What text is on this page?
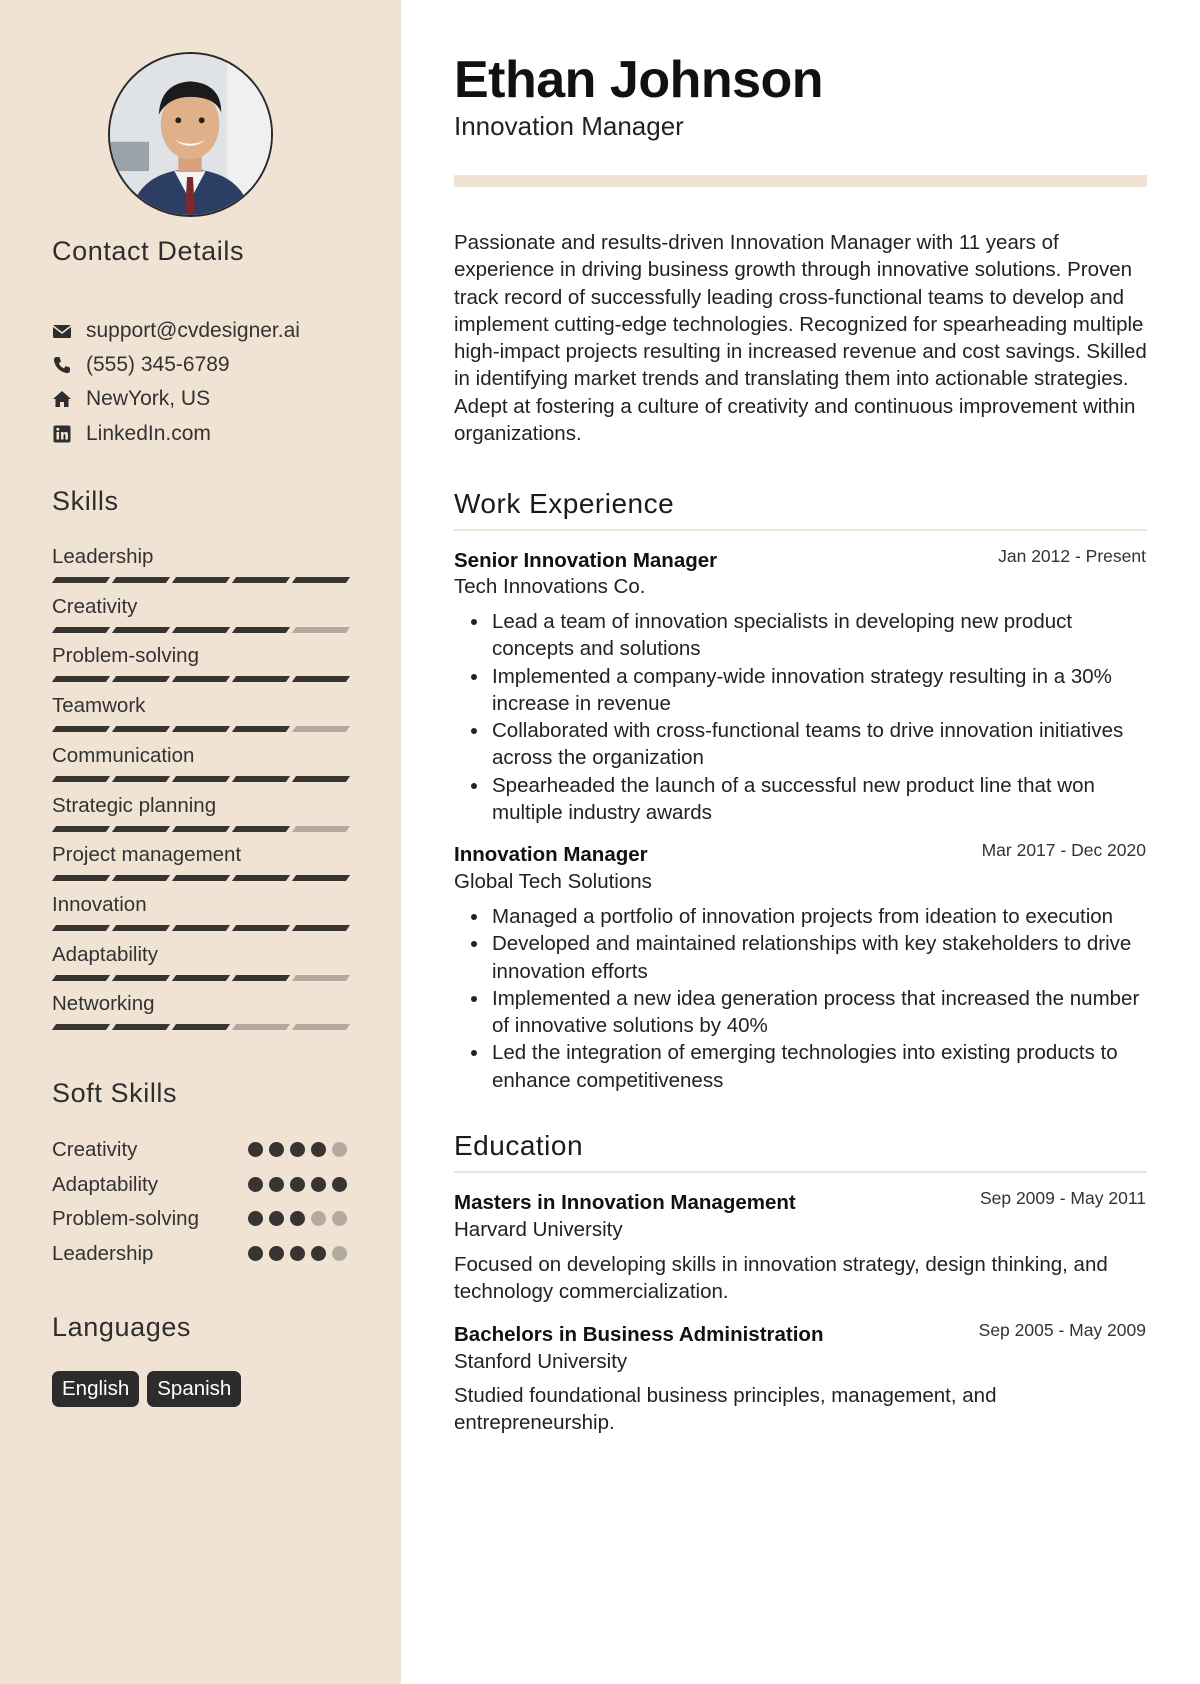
Contact Details
support@cvdesigner.ai
(555) 345-6789
NewYork, US
LinkedIn.com
Skills
Leadership
Creativity
Problem-solving
Teamwork
Communication
Strategic planning
Project management
Innovation
Adaptability
Networking
Soft Skills
Creativity
Adaptability
Problem-solving
Leadership
Languages
English	Spanish
Ethan Johnson
Innovation Manager
Passionate and results-driven Innovation Manager with 11 years of experience in driving business growth through innovative solutions. Proven track record of successfully leading cross-functional teams to develop and implement cutting-edge technologies. Recognized for spearheading multiple high-impact projects resulting in increased revenue and cost savings. Skilled in identifying market trends and translating them into actionable strategies. Adept at fostering a culture of creativity and continuous improvement within organizations.
Work Experience
Senior Innovation Manager	Jan 2012 - Present
Tech Innovations Co.
Lead a team of innovation specialists in developing new product concepts and solutions
Implemented a company-wide innovation strategy resulting in a 30% increase in revenue
Collaborated with cross-functional teams to drive innovation initiatives across the organization
Spearheaded the launch of a successful new product line that won multiple industry awards
Innovation Manager	Mar 2017 - Dec 2020
Global Tech Solutions
Managed a portfolio of innovation projects from ideation to execution
Developed and maintained relationships with key stakeholders to drive innovation efforts
Implemented a new idea generation process that increased the number of innovative solutions by 40%
Led the integration of emerging technologies into existing products to enhance competitiveness
Education
Masters in Innovation Management	Sep 2009 - May 2011
Harvard University
Focused on developing skills in innovation strategy, design thinking, and technology commercialization.
Bachelors in Business Administration	Sep 2005 - May 2009
Stanford University
Studied foundational business principles, management, and entrepreneurship.
